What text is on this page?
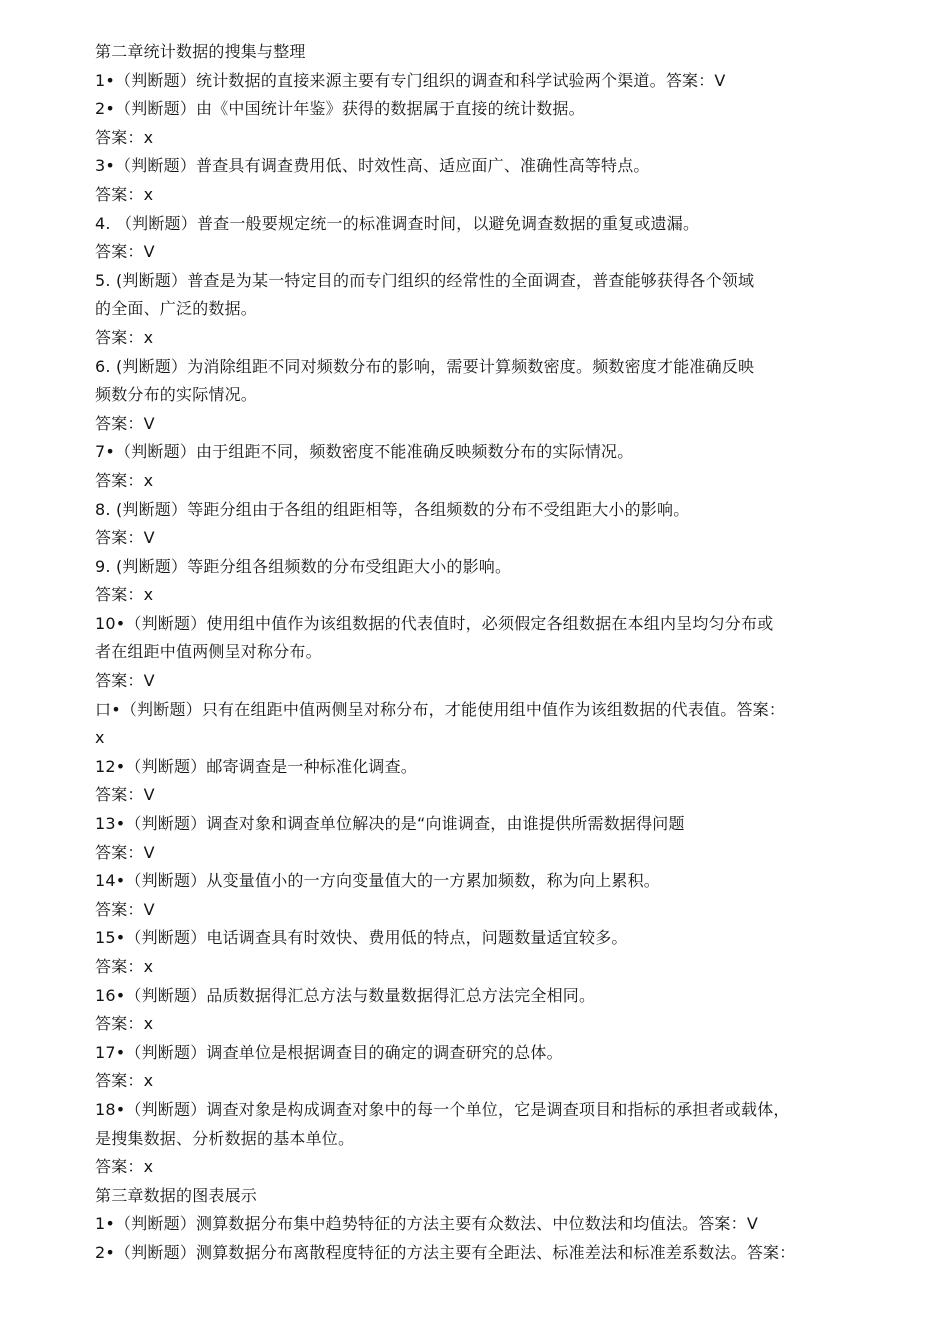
第二章统计数据的搜集与整理
1•（判断题）统计数据的直接来源主要有专门组织的调查和科学试验两个渠道。答案：V
2•（判断题）由《中国统计年鉴》获得的数据属于直接的统计数据。
答案：x
3•（判断题）普查具有调查费用低、时效性高、适应面广、准确性高等特点。
答案：x
4. （判断题）普查一般要规定统一的标准调查时间，以避免调查数据的重复或遗漏。
答案：V
5. (判断题）普查是为某一特定目的而专门组织的经常性的全面调查，普查能够获得各个领域
的全面、广泛的数据。
答案：x
6. (判断题）为消除组距不同对频数分布的影响，需要计算频数密度。频数密度才能准确反映
频数分布的实际情况。
答案：V
7•（判断题）由于组距不同，频数密度不能准确反映频数分布的实际情况。
答案：x
8. (判断题）等距分组由于各组的组距相等，各组频数的分布不受组距大小的影响。
答案：V
9. (判断题）等距分组各组频数的分布受组距大小的影响。
答案：x
10•（判断题）使用组中值作为该组数据的代表值时，必须假定各组数据在本组内呈均匀分布或
者在组距中值两侧呈对称分布。
答案：V
口•（判断题）只有在组距中值两侧呈对称分布，才能使用组中值作为该组数据的代表值。答案：
x
12•（判断题）邮寄调查是一种标准化调查。
答案：V
13•（判断题）调查对象和调查单位解决的是“向谁调查，由谁提供所需数据得问题
答案：V
14•（判断题）从变量值小的一方向变量值大的一方累加频数，称为向上累积。
答案：V
15•（判断题）电话调查具有时效快、费用低的特点，问题数量适宜较多。
答案：x
16•（判断题）品质数据得汇总方法与数量数据得汇总方法完全相同。
答案：x
17•（判断题）调查单位是根据调查目的确定的调查研究的总体。
答案：x
18•（判断题）调查对象是构成调查对象中的每一个单位，它是调查项目和指标的承担者或载体，
是搜集数据、分析数据的基本单位。
答案：x
第三章数据的图表展示
1•（判断题）测算数据分布集中趋势特征的方法主要有众数法、中位数法和均值法。答案：V
2•（判断题）测算数据分布离散程度特征的方法主要有全距法、标准差法和标准差系数法。答案：
